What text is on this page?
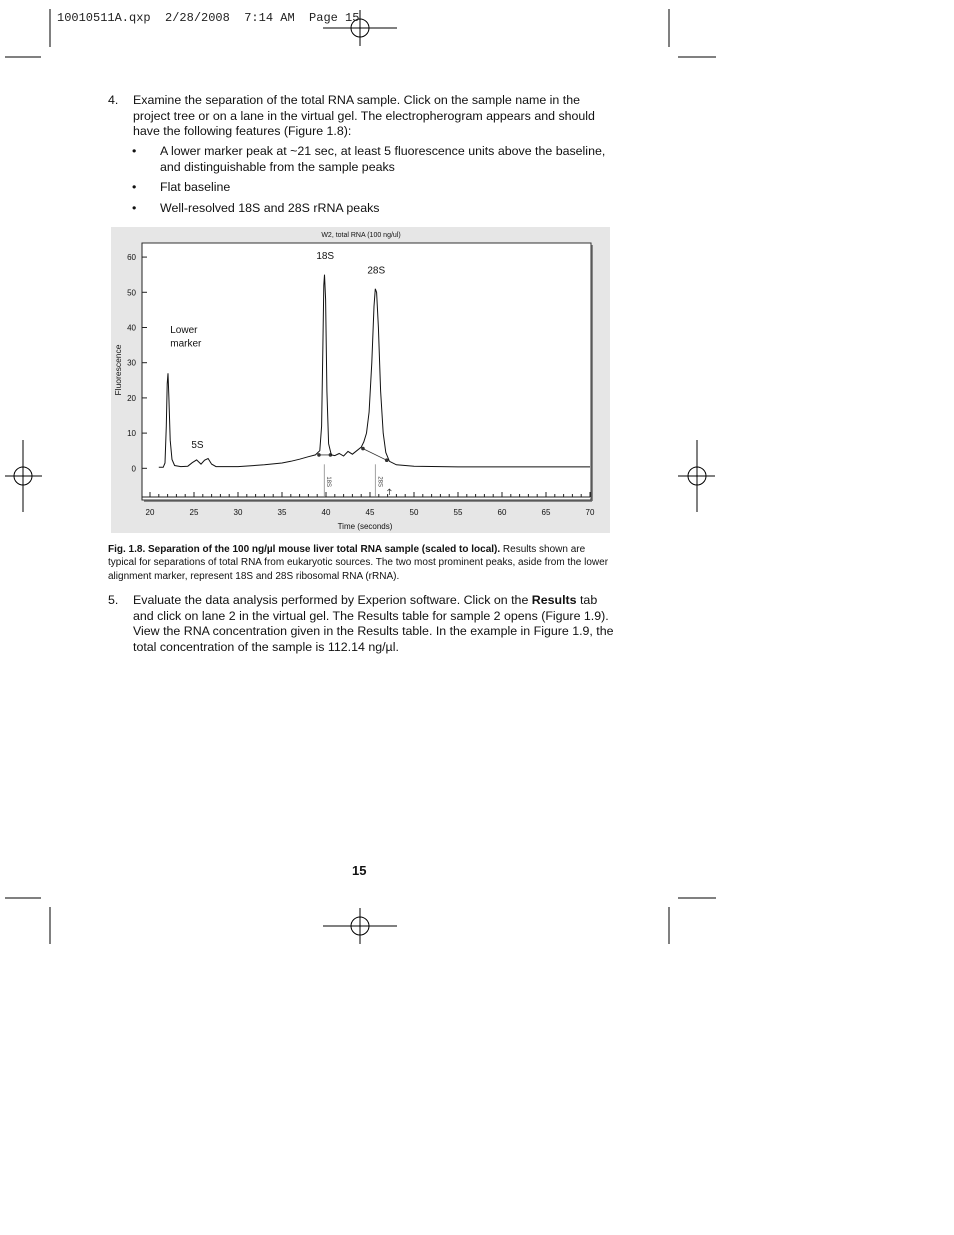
10010511A.qxp  2/28/2008  7:14 AM  Page 15
4. Examine the separation of the total RNA sample. Click on the sample name in the project tree or on a lane in the virtual gel. The electropherogram appears and should have the following features (Figure 1.8):
• A lower marker peak at ~21 sec, at least 5 fluorescence units above the baseline, and distinguishable from the sample peaks
• Flat baseline
• Well-resolved 18S and 28S rRNA peaks
W2, total RNA (100 ng/ul)
20	25	30	35	40	45	50	55	60	65	70
0
10
20
30
40
50
60
18S	28S
Lower
marker
5S
18S
28S
Time (seconds)
Fluorescence
Fig. 1.8. Separation of the 100 ng/µl mouse liver total RNA sample (scaled to local). Results shown are typical for separations of total RNA from eukaryotic sources. The two most prominent peaks, aside from the lower alignment marker, represent 18S and 28S ribosomal RNA (rRNA).
5. Evaluate the data analysis performed by Experion software. Click on the Results tab and click on lane 2 in the virtual gel. The Results table for sample 2 opens (Figure 1.9). View the RNA concentration given in the Results table. In the example in Figure 1.9, the total concentration of the sample is 112.14 ng/µl.
15
